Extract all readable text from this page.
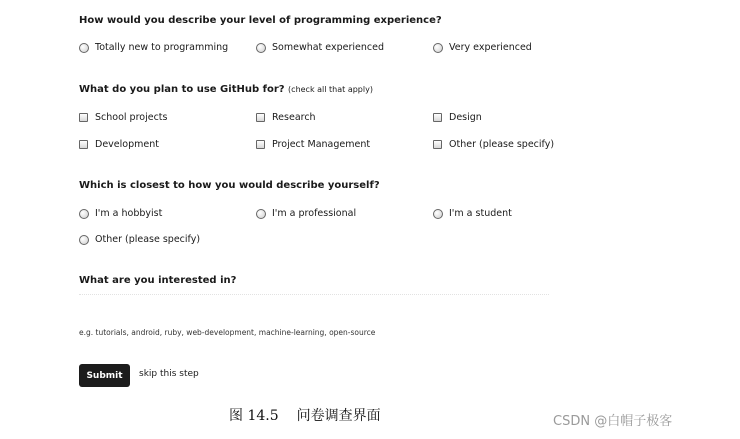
How would you describe your level of programming experience?
Totally new to programming	Somewhat experienced	Very experienced
What do you plan to use GitHub for? (check all that apply)
School projects	Research	Design
Development	Project Management	Other (please specify)
Which is closest to how you would describe yourself?
I'm a hobbyist	I'm a professional	I'm a student
Other (please specify)
What are you interested in?
e.g. tutorials, android, ruby, web-development, machine-learning, open-source
Submit	skip this step
图 14.5 问卷调查界面	CSDN @白帽子极客
